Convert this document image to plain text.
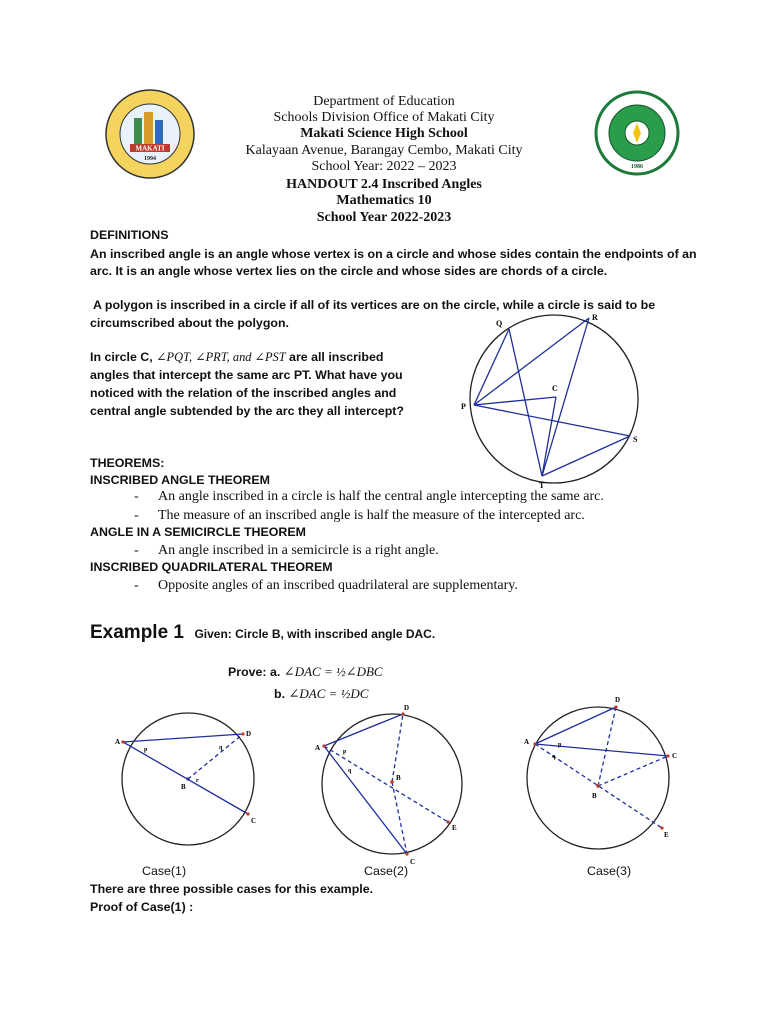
MAKATI
1994
1986
Department of Education
Schools Division Office of Makati City
Makati Science High School
Kalayaan Avenue, Barangay Cembo, Makati City
School Year: 2022 – 2023
HANDOUT 2.4 Inscribed Angles
Mathematics 10
School Year 2022-2023
DEFINITIONS
An inscribed angle is an angle whose vertex is on a circle and whose sides contain the endpoints of an
arc. It is an angle whose vertex lies on the circle and whose sides are chords of a circle.
A polygon is inscribed in a circle if all of its vertices are on the circle, while a circle is said to be
circumscribed about the polygon.
In circle C, ∠PQT, ∠PRT, and ∠PST are all inscribed
angles that intercept the same arc PT. What have you
noticed with the relation of the inscribed angles and
central angle subtended by the arc they all intercept?
Q
R
P
C
S
T
THEOREMS:
INSCRIBED ANGLE THEOREM
- An angle inscribed in a circle is half the central angle intercepting the same arc.
- The measure of an inscribed angle is half the measure of the intercepted arc.
ANGLE IN A SEMICIRCLE THEOREM
- An angle inscribed in a semicircle is a right angle.
INSCRIBED QUADRILATERAL THEOREM
- Opposite angles of an inscribed quadrilateral are supplementary.
Example 1 Given: Circle B, with inscribed angle DAC.
Prove: a. ∠DAC = ½∠DBC
b. ∠DAC = ½DC
A
D
C
B
p	q
r
A
D
C
E
B
p
q
A
D
C
E
B
p
q
Case(1)	Case(2)	Case(3)
There are three possible cases for this example.
Proof of Case(1) :
